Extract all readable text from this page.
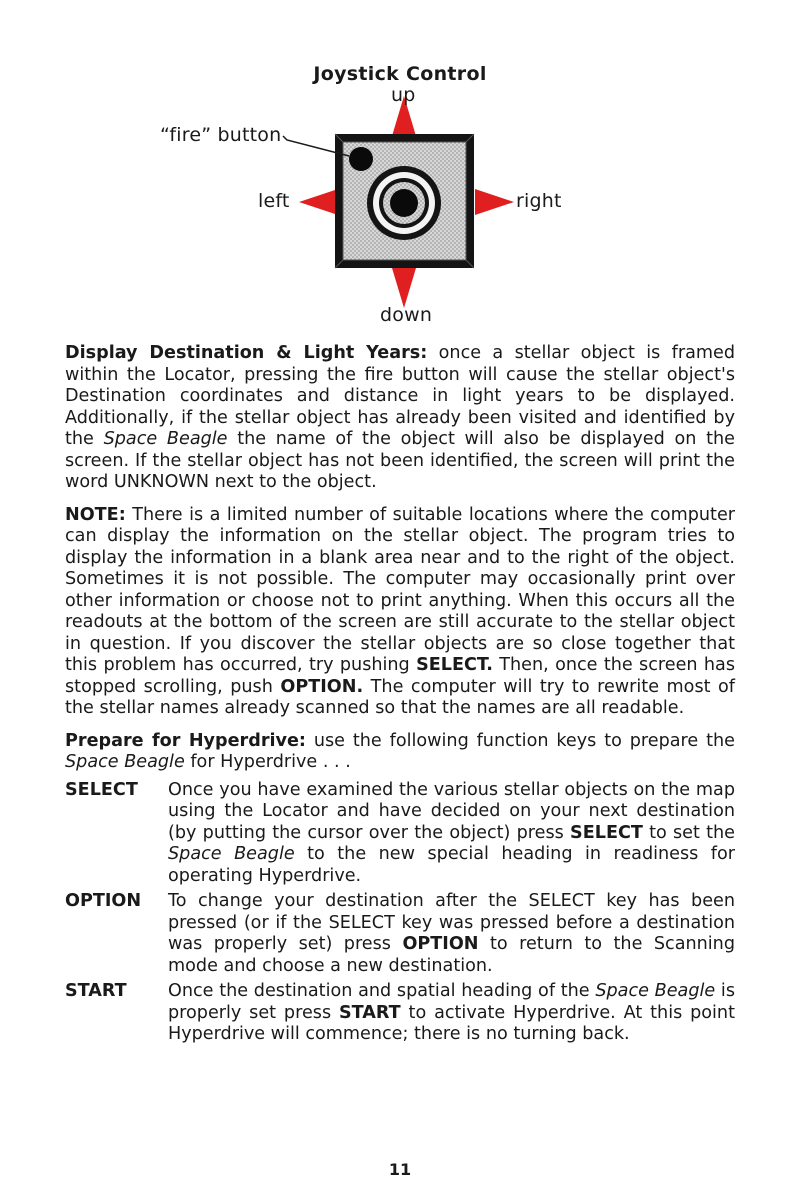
Joystick Control
up
“fire” button
left	right
down

Display Destination & Light Years: once a stellar object is framed within the Locator, pressing the fire button will cause the stellar object's Destination coordinates and distance in light years to be displayed. Additionally, if the stellar object has already been visited and identified by the Space Beagle the name of the object will also be displayed on the screen. If the stellar object has not been identified, the screen will print the word UNKNOWN next to the object.

NOTE: There is a limited number of suitable locations where the computer can display the information on the stellar object. The program tries to display the information in a blank area near and to the right of the object. Sometimes it is not possible. The computer may occasionally print over other information or choose not to print anything. When this occurs all the readouts at the bottom of the screen are still accurate to the stellar object in question. If you discover the stellar objects are so close together that this problem has occurred, try pushing SELECT. Then, once the screen has stopped scrolling, push OPTION. The computer will try to rewrite most of the stellar names already scanned so that the names are all readable.

Prepare for Hyperdrive: use the following function keys to prepare the Space Beagle for Hyperdrive . . .

SELECT	Once you have examined the various stellar objects on the map using the Locator and have decided on your next destination (by putting the cursor over the object) press SELECT to set the Space Beagle to the new special heading in readiness for operating Hyperdrive.
OPTION	To change your destination after the SELECT key has been pressed (or if the SELECT key was pressed before a destination was properly set) press OPTION to return to the Scanning mode and choose a new destination.
START	Once the destination and spatial heading of the Space Beagle is properly set press START to activate Hyperdrive. At this point Hyperdrive will commence; there is no turning back.
11
